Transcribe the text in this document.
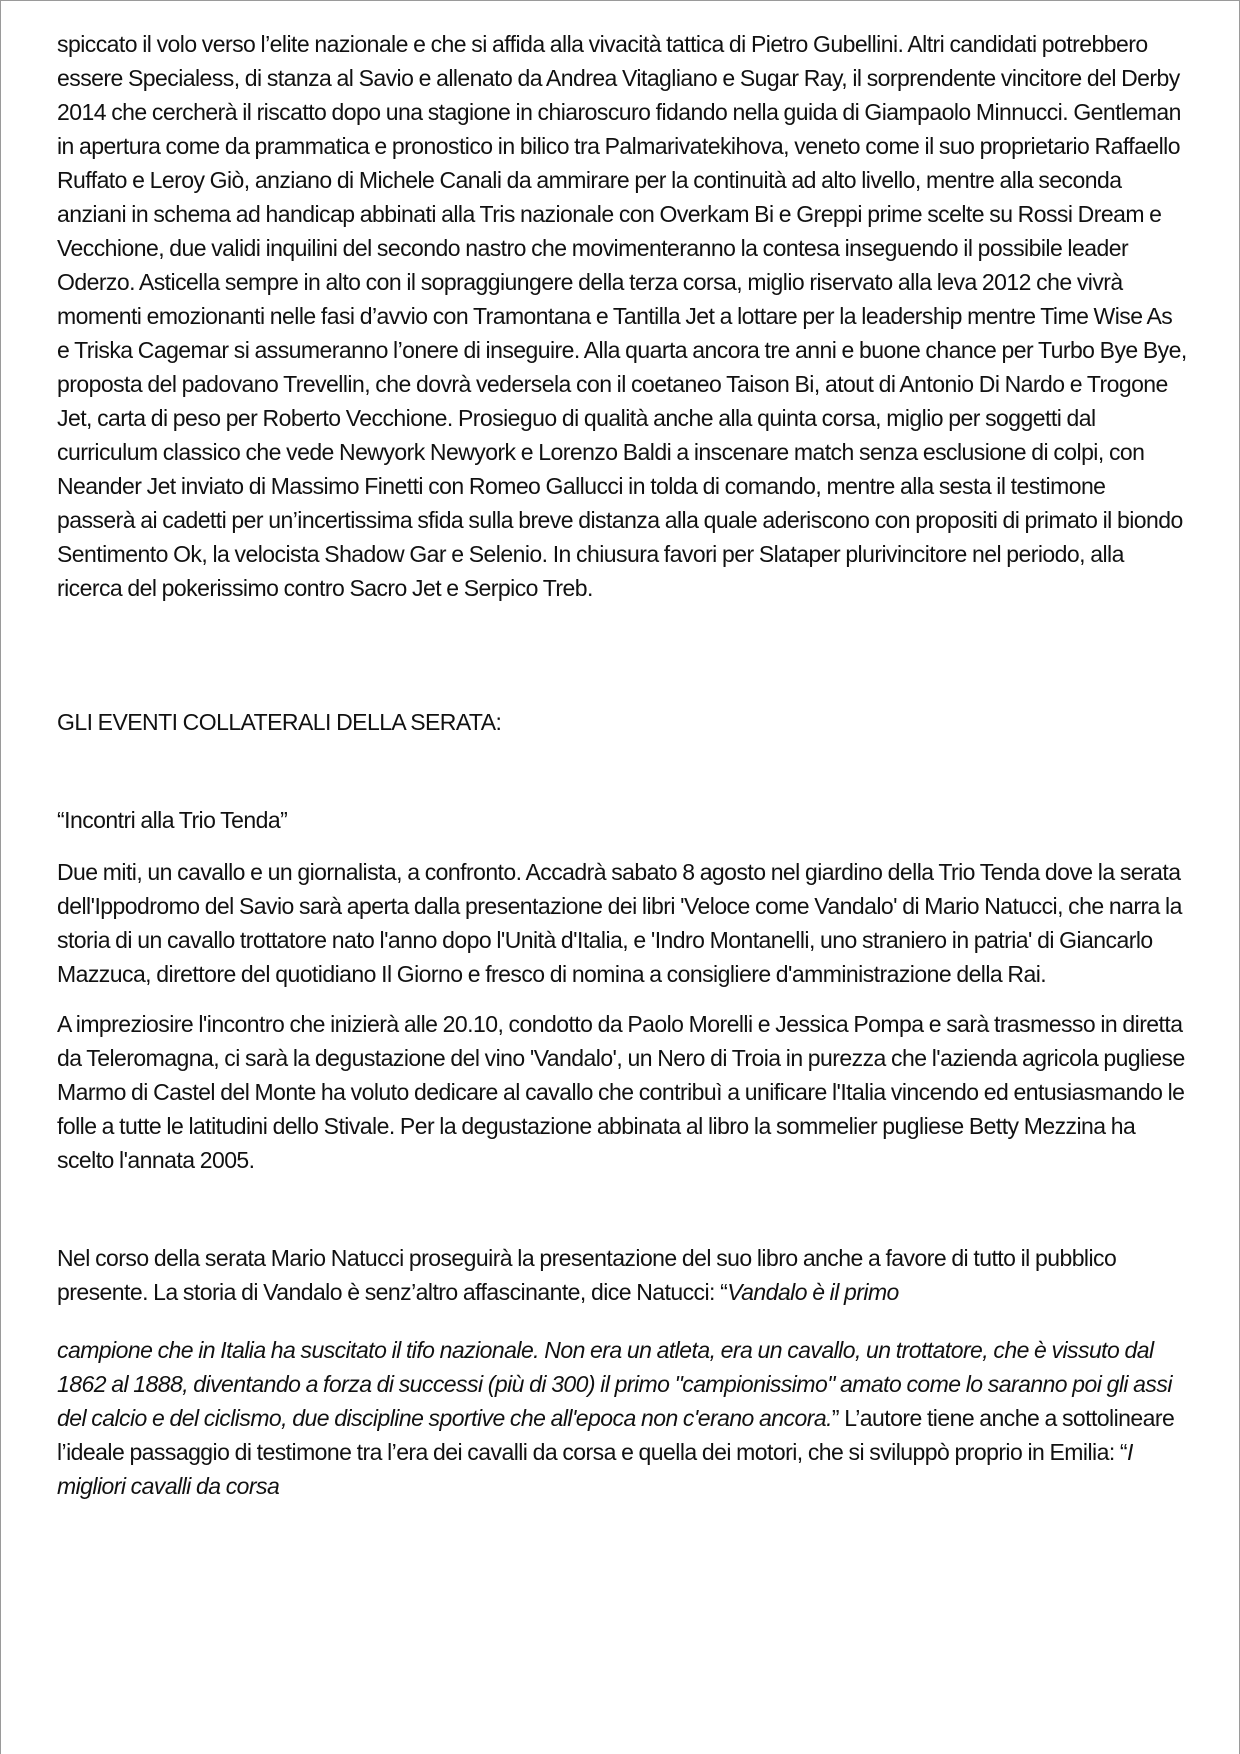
spiccato il volo verso l’elite nazionale e che si affida alla vivacità tattica di Pietro Gubellini. Altri candidati potrebbero essere Specialess, di stanza al Savio e allenato da Andrea Vitagliano e Sugar Ray, il sorprendente vincitore del Derby 2014 che cercherà il riscatto dopo una stagione in chiaroscuro fidando nella guida di Giampaolo Minnucci. Gentleman in apertura come da prammatica e pronostico in bilico tra Palmarivatekihova, veneto come il suo proprietario Raffaello Ruffato e Leroy Giò, anziano di Michele Canali da ammirare per la continuità ad alto livello, mentre alla seconda anziani in schema ad handicap abbinati alla Tris nazionale con Overkam Bi e Greppi prime scelte su Rossi Dream e Vecchione, due validi inquilini del secondo nastro che movimenteranno la contesa inseguendo il possibile leader Oderzo. Asticella sempre in alto con il sopraggiungere della terza corsa, miglio riservato alla leva 2012 che vivrà momenti emozionanti nelle fasi d’avvio con Tramontana e Tantilla Jet a lottare per la leadership mentre Time Wise As e Triska Cagemar si assumeranno l’onere di inseguire. Alla quarta ancora tre anni e buone chance per Turbo Bye Bye, proposta del padovano Trevellin, che dovrà vedersela con il coetaneo Taison Bi, atout di Antonio Di Nardo e Trogone Jet, carta di peso per Roberto Vecchione. Prosieguo di qualità anche alla quinta corsa, miglio per soggetti dal curriculum classico che vede Newyork Newyork e Lorenzo Baldi a inscenare match senza esclusione di colpi, con Neander Jet inviato di Massimo Finetti con Romeo Gallucci in tolda di comando, mentre alla sesta il testimone passerà ai cadetti per un’incertissima sfida sulla breve distanza alla quale aderiscono con propositi di primato il biondo Sentimento Ok, la velocista Shadow Gar e Selenio. In chiusura favori per Slataper plurivincitore nel periodo, alla ricerca del pokerissimo contro Sacro Jet e Serpico Treb.

GLI EVENTI COLLATERALI DELLA SERATA:

“Incontri alla Trio Tenda”

Due miti, un cavallo e un giornalista, a confronto. Accadrà sabato 8 agosto nel giardino della Trio Tenda dove la serata dell'Ippodromo del Savio sarà aperta dalla presentazione dei libri 'Veloce come Vandalo' di Mario Natucci, che narra la storia di un cavallo trottatore nato l'anno dopo l'Unità d'Italia, e 'Indro Montanelli, uno straniero in patria' di Giancarlo Mazzuca, direttore del quotidiano Il Giorno e fresco di nomina a consigliere d'amministrazione della Rai.

A impreziosire l'incontro che inizierà alle 20.10, condotto da Paolo Morelli e Jessica Pompa e sarà trasmesso in diretta da Teleromagna, ci sarà la degustazione del vino 'Vandalo', un Nero di Troia in purezza che l'azienda agricola pugliese Marmo di Castel del Monte ha voluto dedicare al cavallo che contribuì a unificare l'Italia vincendo ed entusiasmando le folle a tutte le latitudini dello Stivale. Per la degustazione abbinata al libro la sommelier pugliese Betty Mezzina ha scelto l'annata 2005.

Nel corso della serata Mario Natucci proseguirà la presentazione del suo libro anche a favore di tutto il pubblico presente. La storia di Vandalo è senz’altro affascinante, dice Natucci: “Vandalo è il primo

campione che in Italia ha suscitato il tifo nazionale. Non era un atleta, era un cavallo, un trottatore, che è vissuto dal 1862 al 1888, diventando a forza di successi (più di 300) il primo "campionissimo" amato come lo saranno poi gli assi del calcio e del ciclismo, due discipline sportive che all'epoca non c'erano ancora.” L’autore tiene anche a sottolineare l’ideale passaggio di testimone tra l’era dei cavalli da corsa e quella dei motori, che si sviluppò proprio in Emilia: “I migliori cavalli da corsa
